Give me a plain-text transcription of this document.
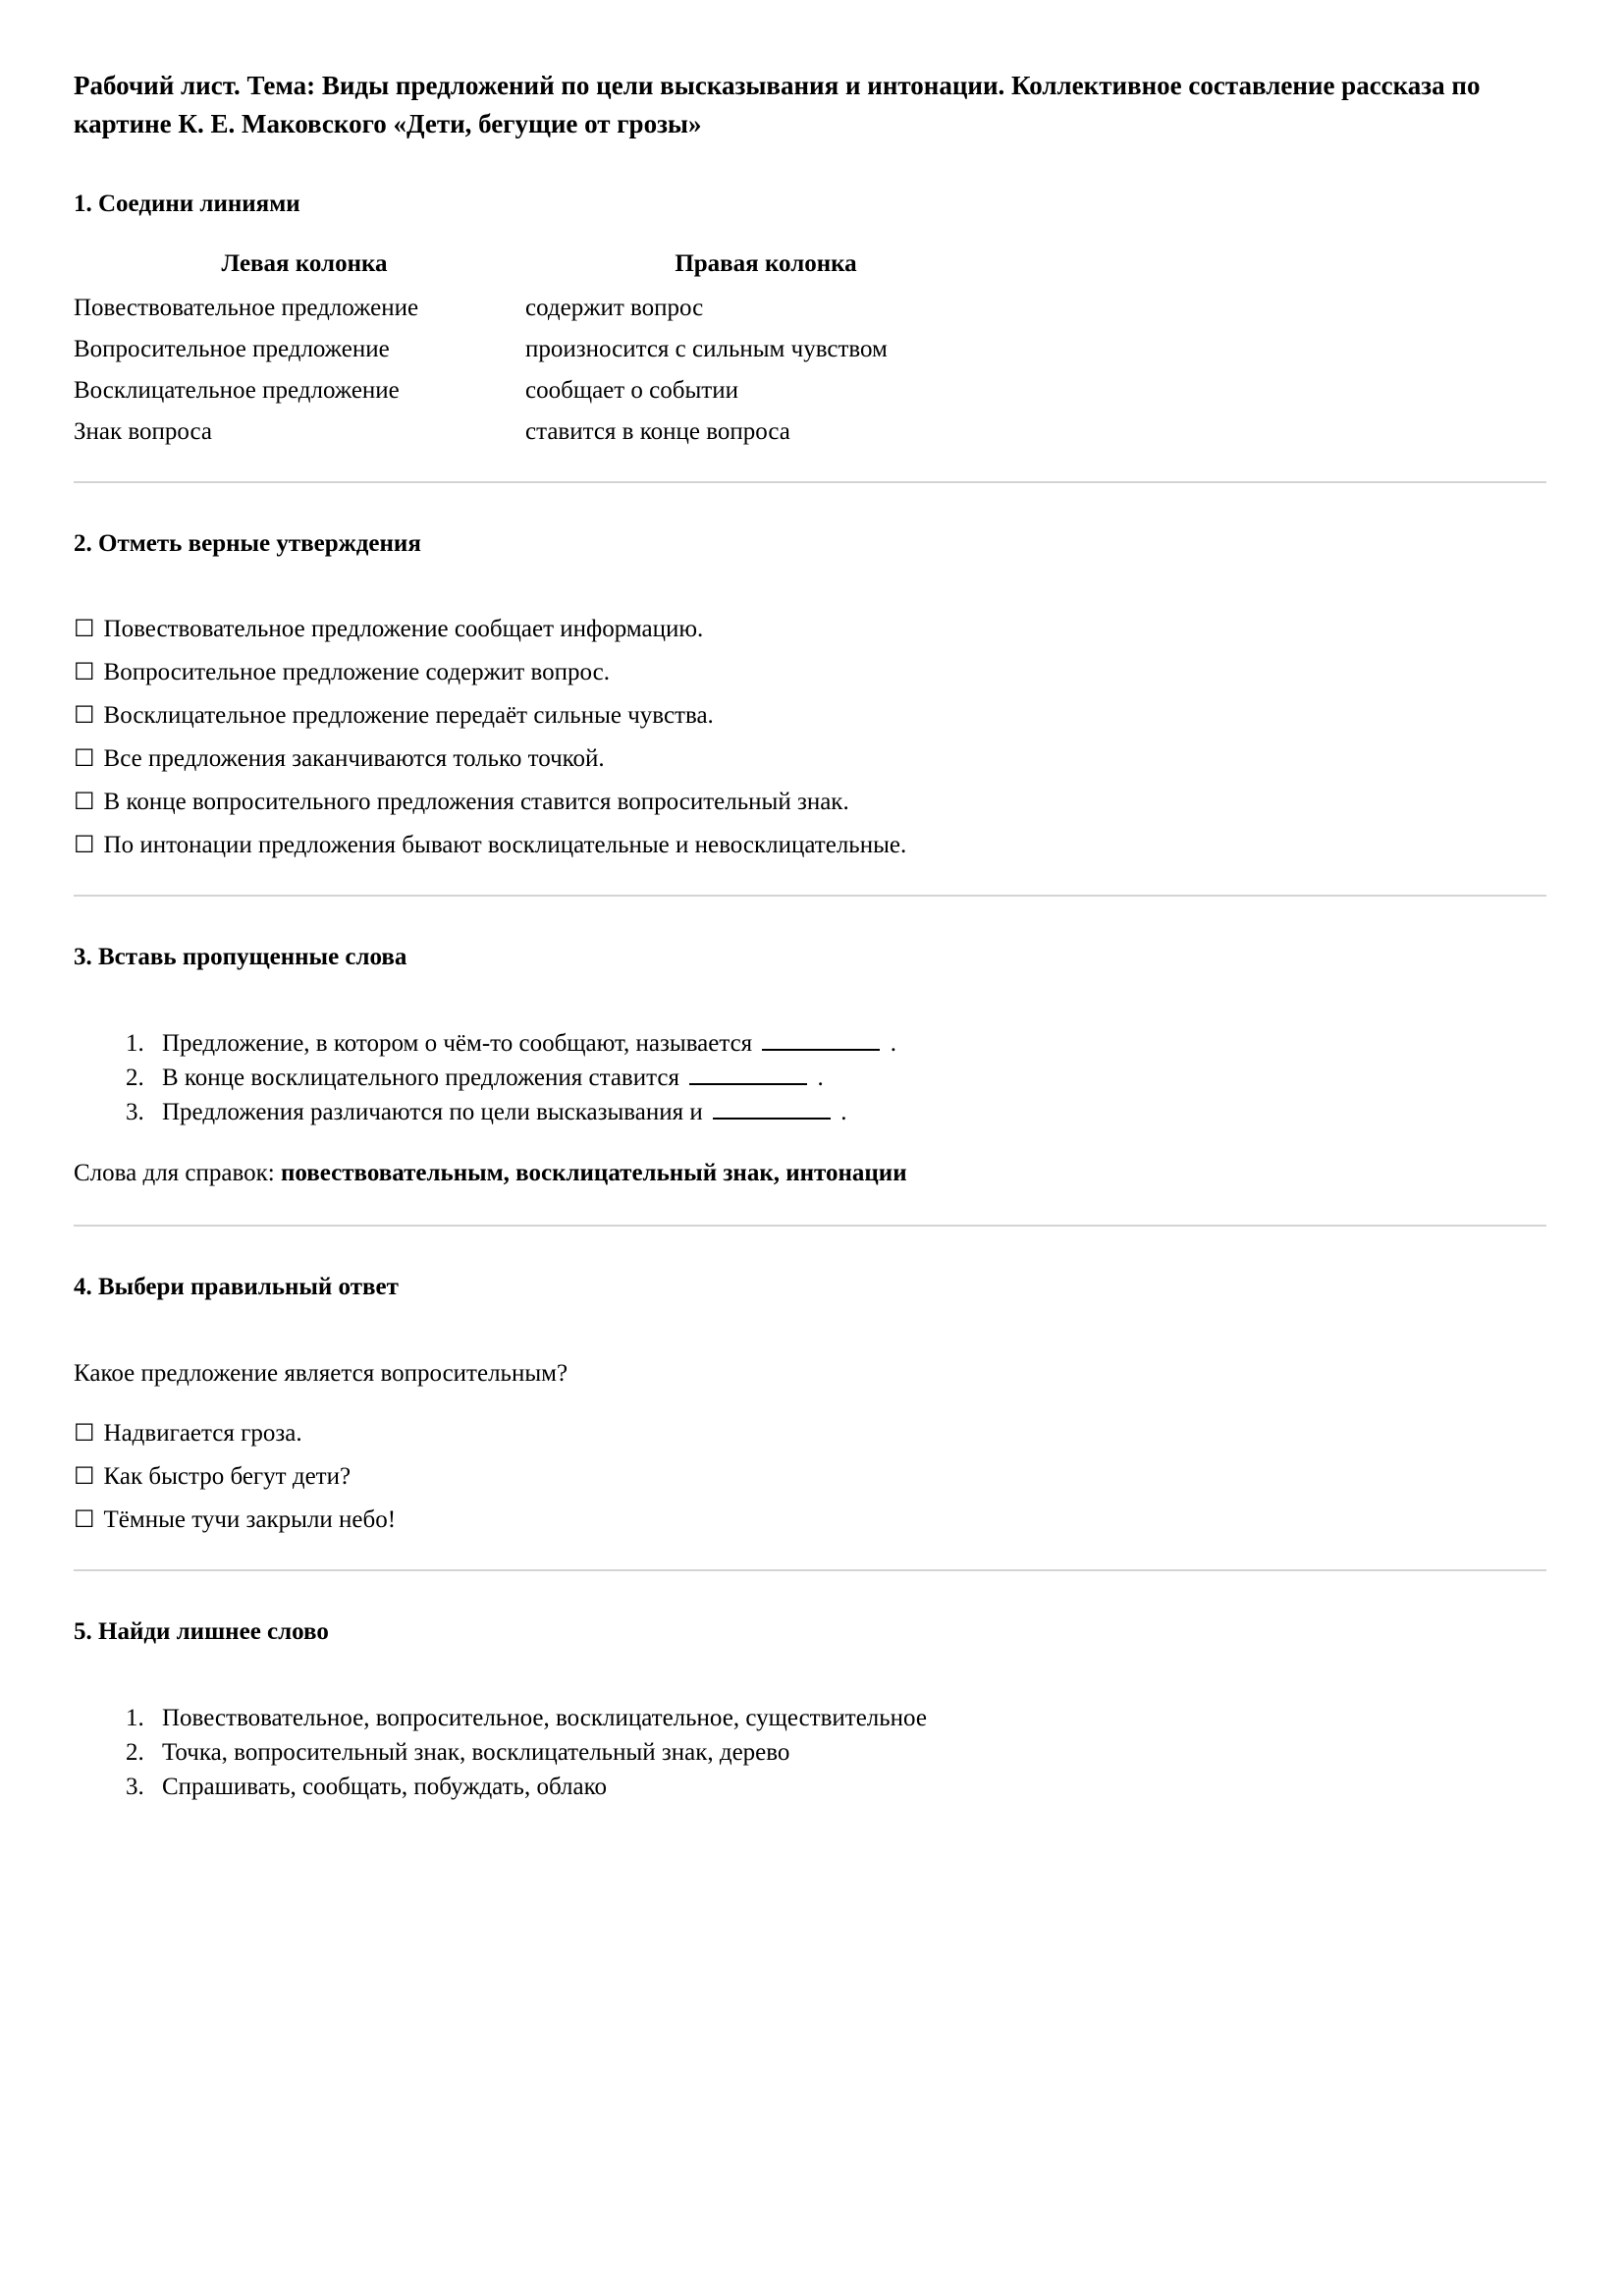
Рабочий лист. Тема: Виды предложений по цели высказывания и интонации. Коллективное составление рассказа по картине К. Е. Маковского «Дети, бегущие от грозы»
1. Соедини линиями
Левая колонка	Правая колонка
Повествовательное предложение	содержит вопрос
Вопросительное предложение	произносится с сильным чувством
Восклицательное предложение	сообщает о событии
Знак вопроса	ставится в конце вопроса
2. Отметь верные утверждения
☐ Повествовательное предложение сообщает информацию.
☐ Вопросительное предложение содержит вопрос.
☐ Восклицательное предложение передаёт сильные чувства.
☐ Все предложения заканчиваются только точкой.
☐ В конце вопросительного предложения ставится вопросительный знак.
☐ По интонации предложения бывают восклицательные и невосклицательные.
3. Вставь пропущенные слова
1. Предложение, в котором о чём-то сообщают, называется	.
2. В конце восклицательного предложения ставится	.
3. Предложения различаются по цели высказывания и	.

Слова для справок: повествовательным, восклицательный знак, интонации

4. Выбери правильный ответ

Какое предложение является вопросительным?

☐ Надвигается гроза.
☐ Как быстро бегут дети?
☐ Тёмные тучи закрыли небо!
5. Найди лишнее слово
1. Повествовательное, вопросительное, восклицательное, существительное
2. Точка, вопросительный знак, восклицательный знак, дерево
3. Спрашивать, сообщать, побуждать, облако
